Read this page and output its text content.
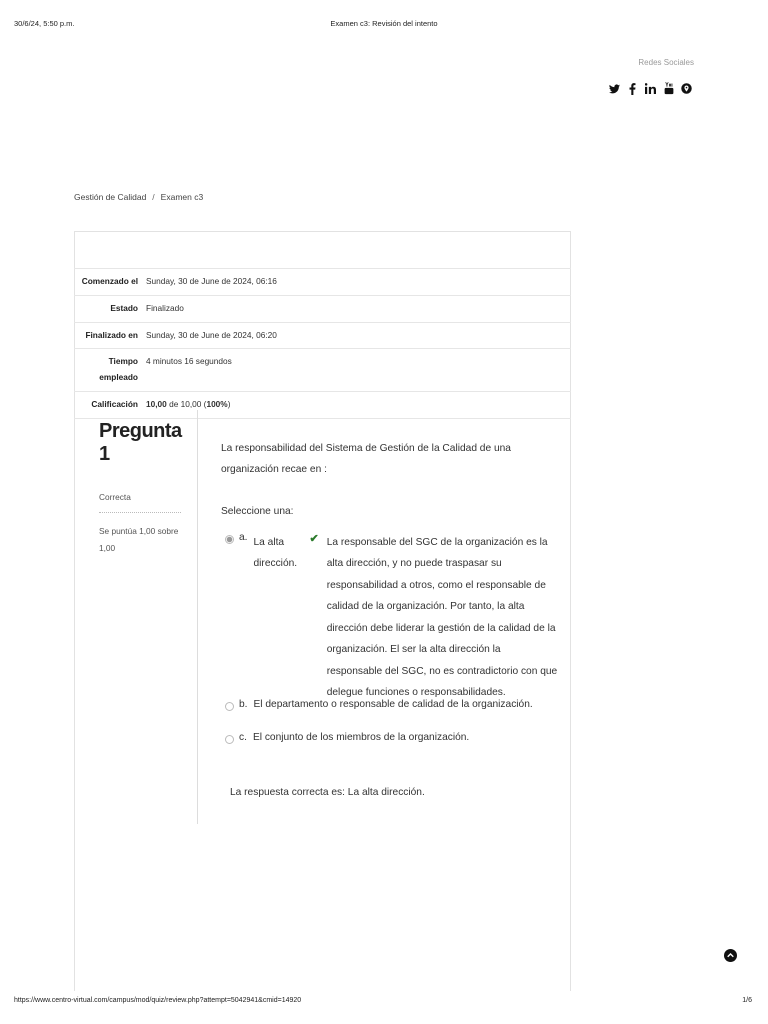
30/6/24, 5:50 p.m.	Examen c3: Revisión del intento
Redes Sociales
Gestión de Calidad / Examen c3
Comenzado el Sunday, 30 de June de 2024, 06:16
Estado Finalizado
Finalizado en Sunday, 30 de June de 2024, 06:20
Tiempo empleado
4 minutos 16 segundos
Calificación 10,00 de 10,00 (100%)
Pregunta 1
Correcta
Se puntúa 1,00 sobre 1,00
La responsabilidad del Sistema de Gestión de la Calidad de una organización recae en :
Seleccione una:
a. La alta dirección.
✔ La responsable del SGC de la organización es la alta dirección, y no puede traspasar su responsabilidad a otros, como el responsable de calidad de la organización. Por tanto, la alta dirección debe liderar la gestión de la calidad de la organización. El ser la alta dirección la responsable del SGC, no es contradictorio con que delegue funciones o responsabilidades.
b. El departamento o responsable de calidad de la organización.
c. El conjunto de los miembros de la organización.
La respuesta correcta es: La alta dirección.
https://www.centro-virtual.com/campus/mod/quiz/review.php?attempt=5042941&cmid=14920	1/6
